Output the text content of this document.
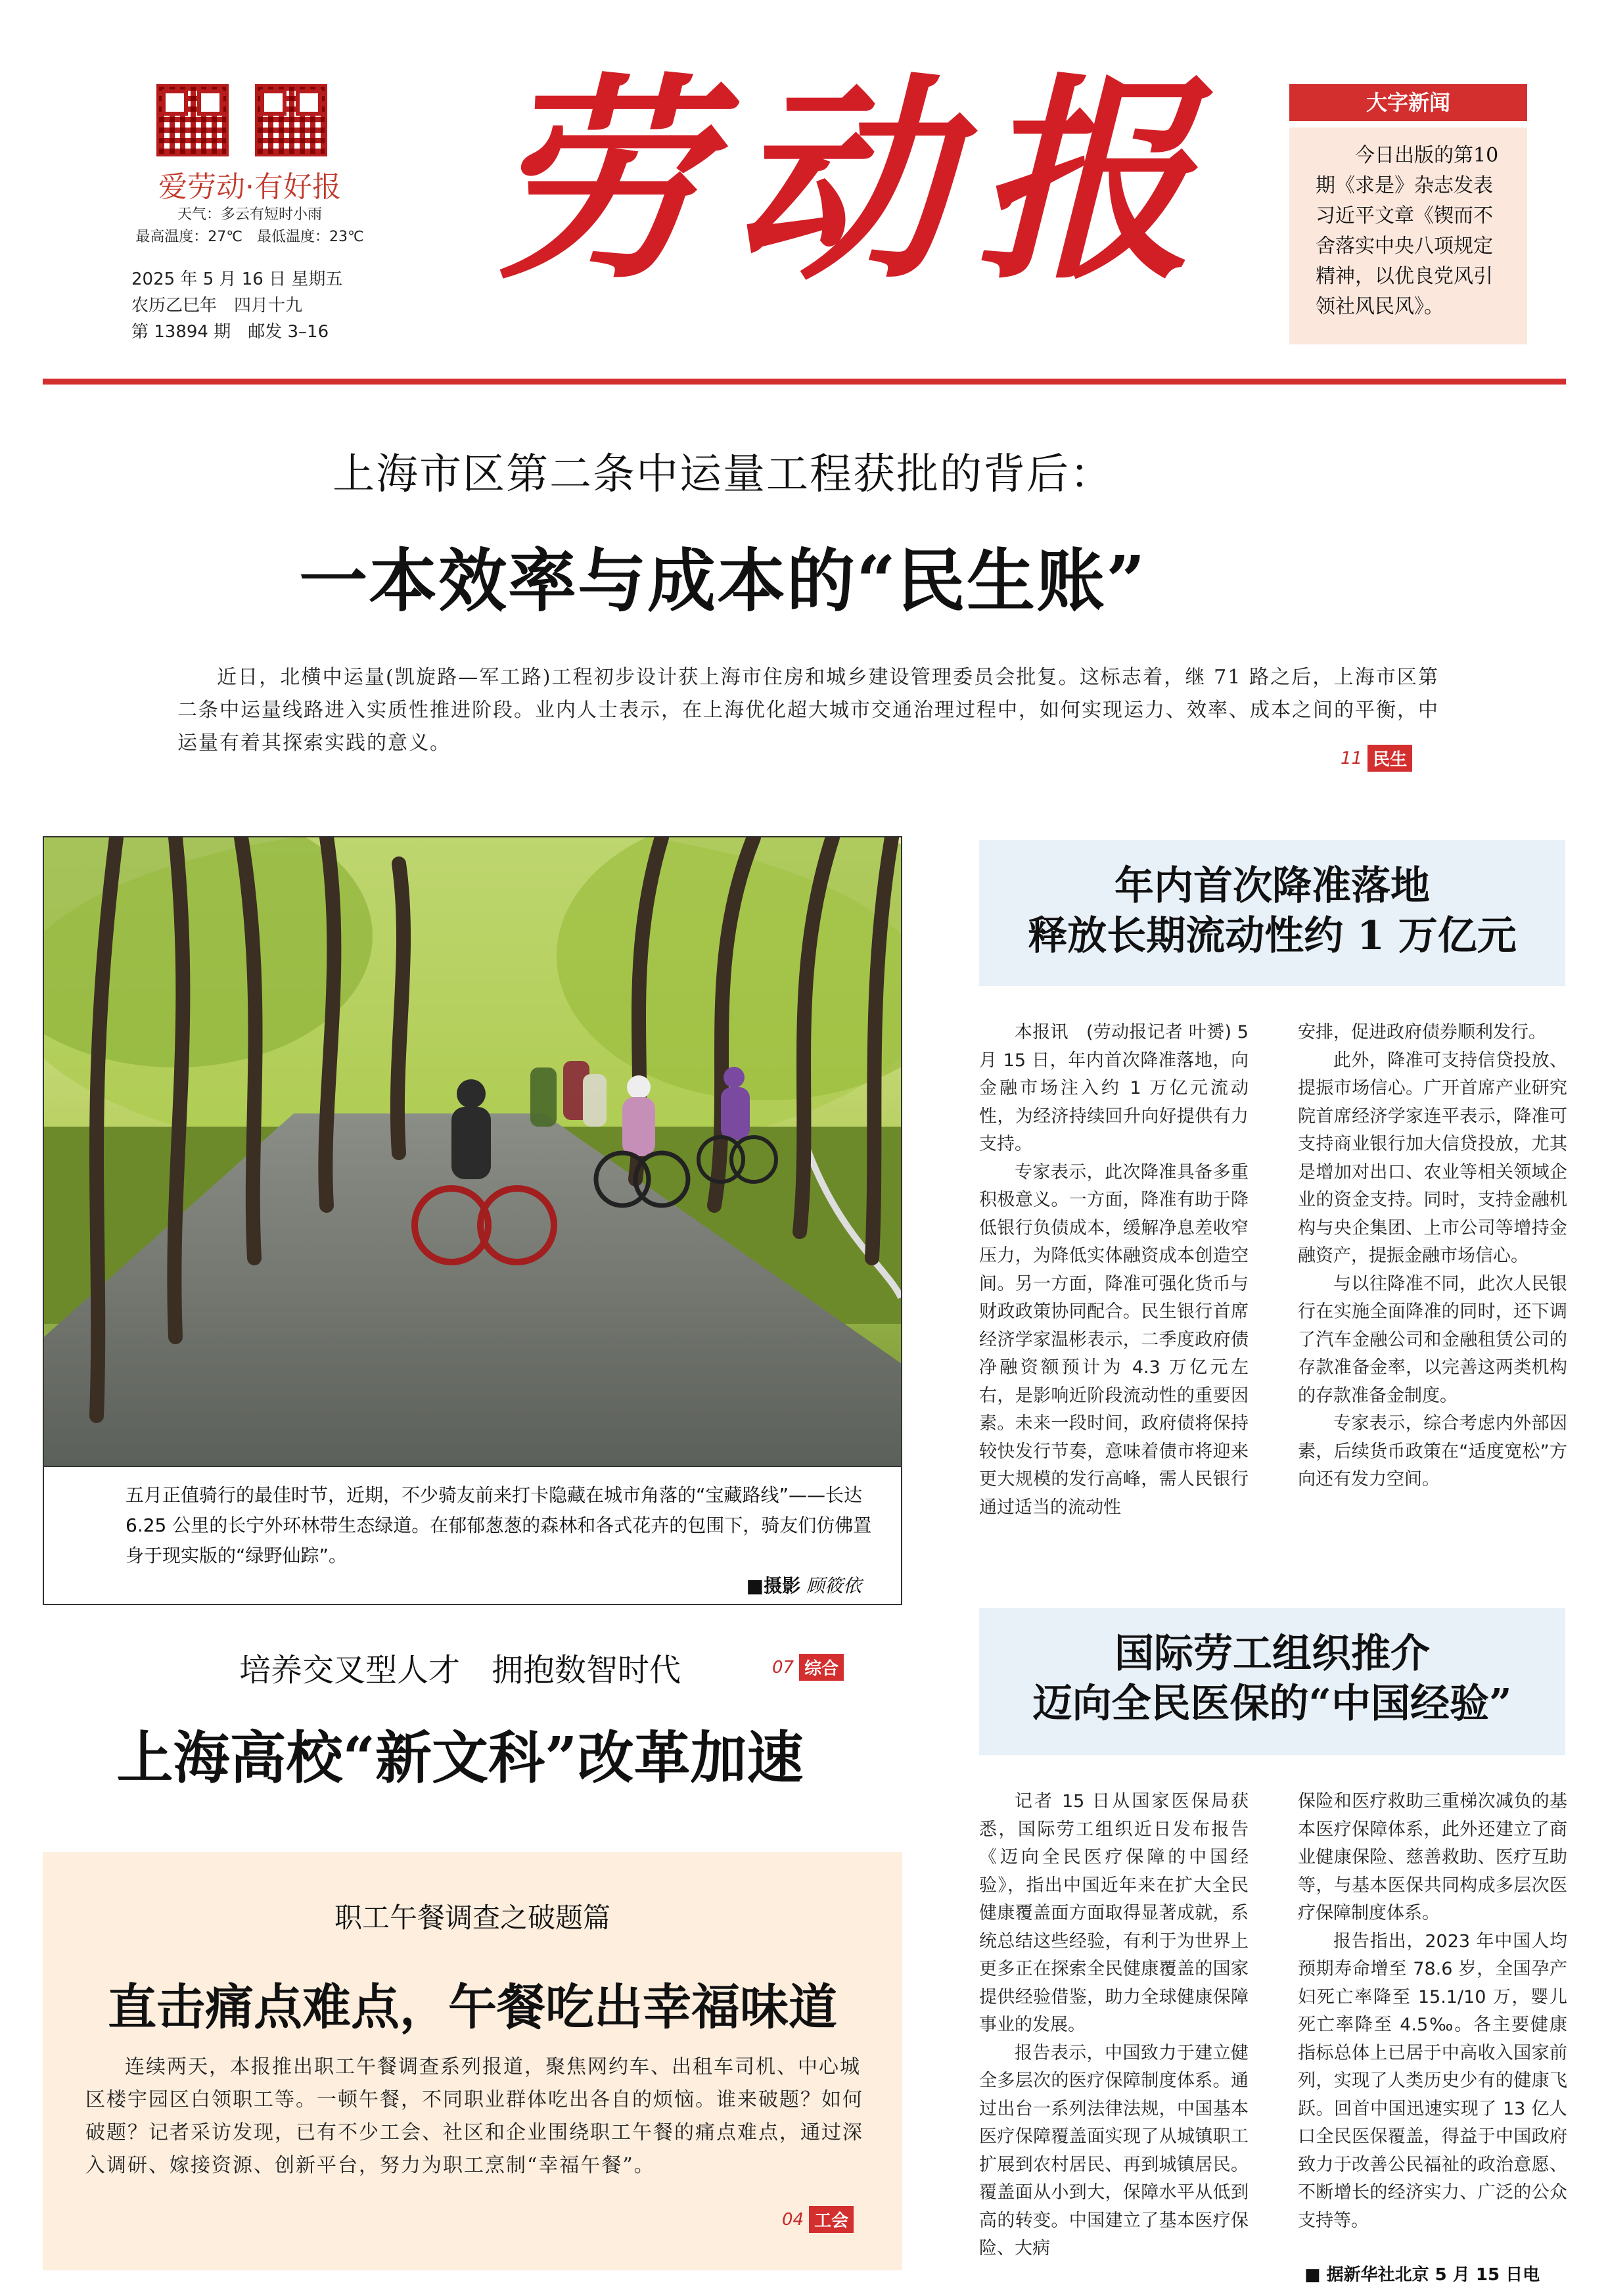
爱劳动·有好报
天气：多云有短时小雨
最高温度：27℃　最低温度：23℃
2025 年 5 月 16 日 星期五
农历乙巳年　四月十九
第 13894 期　邮发 3–16
劳动报	大字新闻
今日出版的第10期《求是》杂志发表习近平文章《锲而不舍落实中央八项规定精神，以优良党风引领社风民风》。
上海市区第二条中运量工程获批的背后：
一本效率与成本的“民生账”
近日，北横中运量(凯旋路—军工路)工程初步设计获上海市住房和城乡建设管理委员会批复。这标志着，继 71 路之后，上海市区第二条中运量线路进入实质性推进阶段。业内人士表示，在上海优化超大城市交通治理过程中，如何实现运力、效率、成本之间的平衡，中运量有着其探索实践的意义。
11 民生
五月正值骑行的最佳时节，近期，不少骑友前来打卡隐藏在城市角落的“宝藏路线”——长达 6.25 公里的长宁外环林带生态绿道。在郁郁葱葱的森林和各式花卉的包围下，骑友们仿佛置身于现实版的“绿野仙踪”。
■摄影 顾筱依
培养交叉型人才　拥抱数智时代	07 综合
上海高校“新文科”改革加速
职工午餐调查之破题篇
直击痛点难点，午餐吃出幸福味道
连续两天，本报推出职工午餐调查系列报道，聚焦网约车、出租车司机、中心城区楼宇园区白领职工等。一顿午餐，不同职业群体吃出各自的烦恼。谁来破题？如何破题？记者采访发现，已有不少工会、社区和企业围绕职工午餐的痛点难点，通过深入调研、嫁接资源、创新平台，努力为职工烹制“幸福午餐”。
04 工会
年内首次降准落地
释放长期流动性约 1 万亿元

本报讯　(劳动报记者 叶赟) 5 月 15 日，年内首次降准落地，向金融市场注入约 1 万亿元流动性，为经济持续回升向好提供有力支持。

专家表示，此次降准具备多重积极意义。一方面，降准有助于降低银行负债成本，缓解净息差收窄压力，为降低实体融资成本创造空间。另一方面，降准可强化货币与财政政策协同配合。民生银行首席经济学家温彬表示，二季度政府债净融资额预计为 4.3 万亿元左右，是影响近阶段流动性的重要因素。未来一段时间，政府债将保持较快发行节奏，意味着债市将迎来更大规模的发行高峰，需人民银行通过适当的流动性

安排，促进政府债券顺利发行。

此外，降准可支持信贷投放、提振市场信心。广开首席产业研究院首席经济学家连平表示，降准可支持商业银行加大信贷投放，尤其是增加对出口、农业等相关领域企业的资金支持。同时，支持金融机构与央企集团、上市公司等增持金融资产，提振金融市场信心。

与以往降准不同，此次人民银行在实施全面降准的同时，还下调了汽车金融公司和金融租赁公司的存款准备金率，以完善这两类机构的存款准备金制度。

专家表示，综合考虑内外部因素，后续货币政策在“适度宽松”方向还有发力空间。

国际劳工组织推介
迈向全民医保的“中国经验”

记者 15 日从国家医保局获悉，国际劳工组织近日发布报告《迈向全民医疗保障的中国经验》，指出中国近年来在扩大全民健康覆盖面方面取得显著成就，系统总结这些经验，有利于为世界上更多正在探索全民健康覆盖的国家提供经验借鉴，助力全球健康保障事业的发展。

报告表示，中国致力于建立健全多层次的医疗保障制度体系。通过出台一系列法律法规，中国基本医疗保障覆盖面实现了从城镇职工扩展到农村居民、再到城镇居民。覆盖面从小到大，保障水平从低到高的转变。中国建立了基本医疗保险、大病

保险和医疗救助三重梯次减负的基本医疗保障体系，此外还建立了商业健康保险、慈善救助、医疗互助等，与基本医保共同构成多层次医疗保障制度体系。

报告指出，2023 年中国人均预期寿命增至 78.6 岁，全国孕产妇死亡率降至 15.1/10 万，婴儿死亡率降至 4.5‰。各主要健康指标总体上已居于中高收入国家前列，实现了人类历史少有的健康飞跃。回首中国迅速实现了 13 亿人口全民医保覆盖，得益于中国政府致力于改善公民福祉的政治意愿、不断增长的经济实力、广泛的公众支持等。

■ 据新华社北京 5 月 15 日电
